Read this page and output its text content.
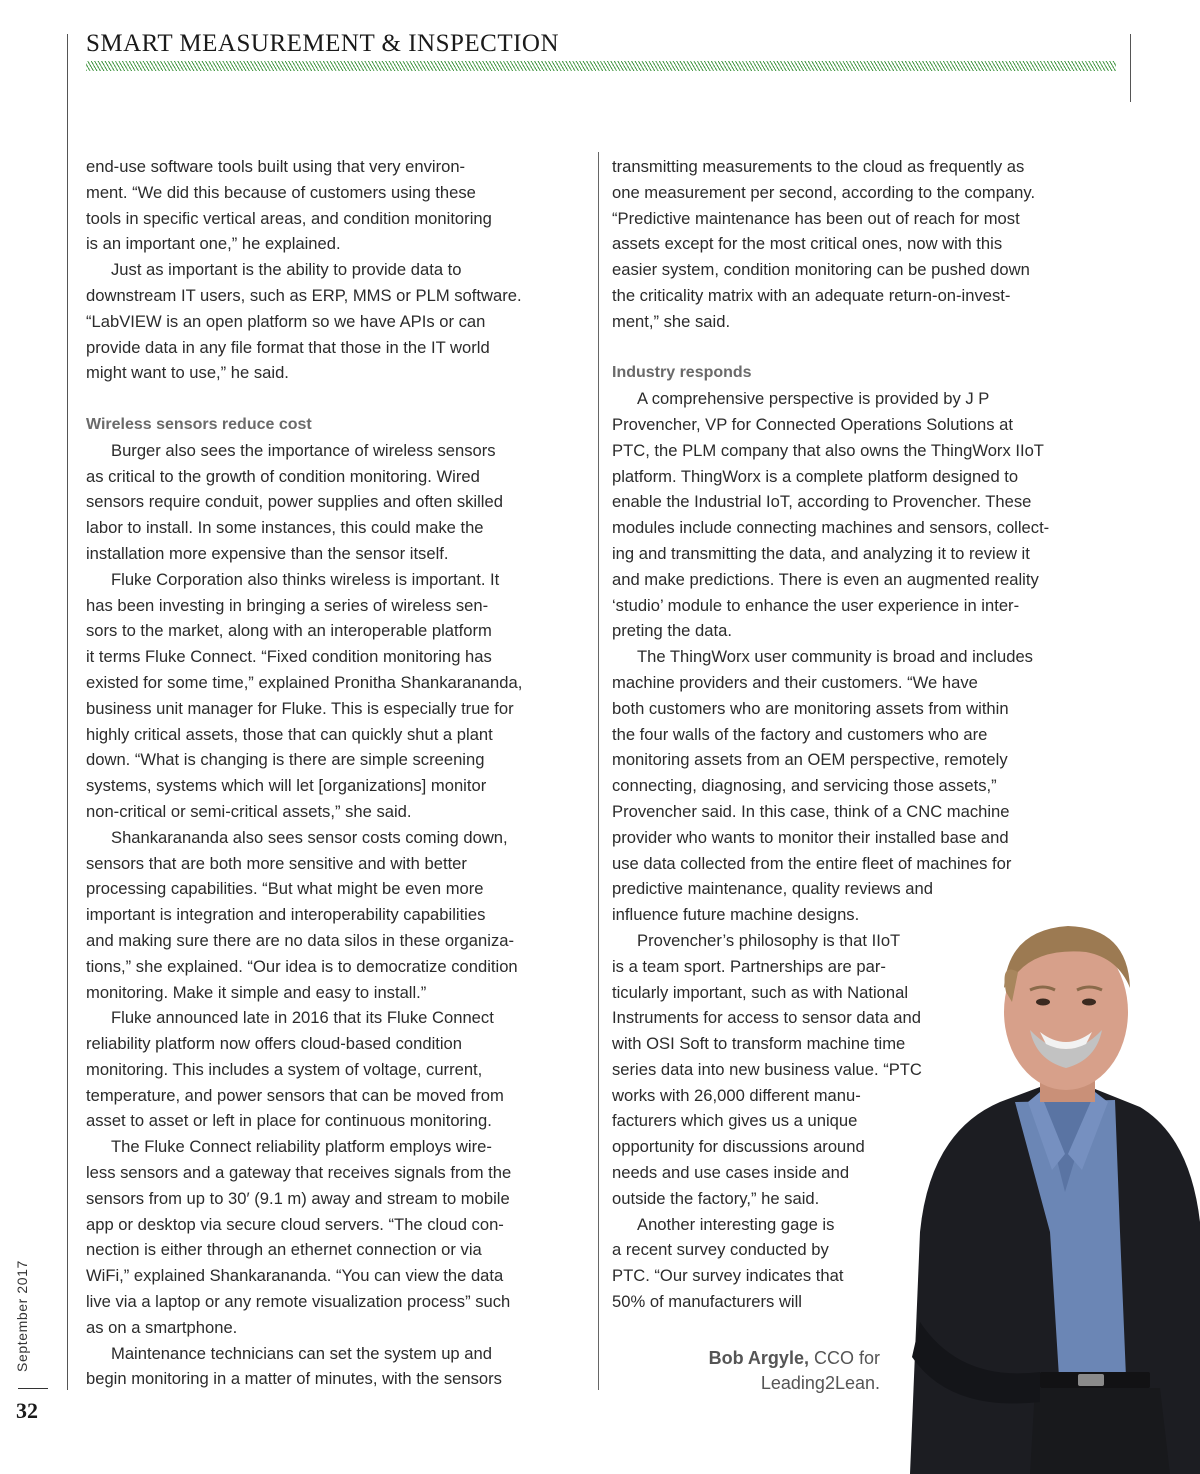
SMART MEASUREMENT & INSPECTION
end-use software tools built using that very environ-
ment. “We did this because of customers using these
tools in specific vertical areas, and condition monitoring
is an important one,” he explained.
Just as important is the ability to provide data to
downstream IT users, such as ERP, MMS or PLM software.
“LabVIEW is an open platform so we have APIs or can
provide data in any file format that those in the IT world
might want to use,” he said.
Wireless sensors reduce cost
Burger also sees the importance of wireless sensors
as critical to the growth of condition monitoring. Wired
sensors require conduit, power supplies and often skilled
labor to install. In some instances, this could make the
installation more expensive than the sensor itself.
Fluke Corporation also thinks wireless is important. It
has been investing in bringing a series of wireless sen-
sors to the market, along with an interoperable platform
it terms Fluke Connect. “Fixed condition monitoring has
existed for some time,” explained Pronitha Shankarananda,
business unit manager for Fluke. This is especially true for
highly critical assets, those that can quickly shut a plant
down. “What is changing is there are simple screening
systems, systems which will let [organizations] monitor
non-critical or semi-critical assets,” she said.
Shankarananda also sees sensor costs coming down,
sensors that are both more sensitive and with better
processing capabilities. “But what might be even more
important is integration and interoperability capabilities
and making sure there are no data silos in these organiza-
tions,” she explained. “Our idea is to democratize condition
monitoring. Make it simple and easy to install.”
Fluke announced late in 2016 that its Fluke Connect
reliability platform now offers cloud-based condition
monitoring. This includes a system of voltage, current,
temperature, and power sensors that can be moved from
asset to asset or left in place for continuous monitoring.
The Fluke Connect reliability platform employs wire-
less sensors and a gateway that receives signals from the
sensors from up to 30′ (9.1 m) away and stream to mobile
app or desktop via secure cloud servers. “The cloud con-
nection is either through an ethernet connection or via
WiFi,” explained Shankarananda. “You can view the data
live via a laptop or any remote visualization process” such
as on a smartphone.
Maintenance technicians can set the system up and
begin monitoring in a matter of minutes, with the sensors
transmitting measurements to the cloud as frequently as
one measurement per second, according to the company.
“Predictive maintenance has been out of reach for most
assets except for the most critical ones, now with this
easier system, condition monitoring can be pushed down
the criticality matrix with an adequate return-on-invest-
ment,” she said.
Industry responds
A comprehensive perspective is provided by J P
Provencher, VP for Connected Operations Solutions at
PTC, the PLM company that also owns the ThingWorx IIoT
platform. ThingWorx is a complete platform designed to
enable the Industrial IoT, according to Provencher. These
modules include connecting machines and sensors, collect-
ing and transmitting the data, and analyzing it to review it
and make predictions. There is even an augmented reality
‘studio’ module to enhance the user experience in inter-
preting the data.
The ThingWorx user community is broad and includes
machine providers and their customers. “We have
both customers who are monitoring assets from within
the four walls of the factory and customers who are
monitoring assets from an OEM perspective, remotely
connecting, diagnosing, and servicing those assets,”
Provencher said. In this case, think of a CNC machine
provider who wants to monitor their installed base and
use data collected from the entire fleet of machines for
predictive maintenance, quality reviews and
influence future machine designs.
Provencher’s philosophy is that IIoT
is a team sport. Partnerships are par-
ticularly important, such as with National
Instruments for access to sensor data and
with OSI Soft to transform machine time
series data into new business value. “PTC
works with 26,000 different manu-
facturers which gives us a unique
opportunity for discussions around
needs and use cases inside and
outside the factory,” he said.
Another interesting gage is
a recent survey conducted by
PTC. “Our survey indicates that
50% of manufacturers will
Bob Argyle, CCO for
Leading2Lean.
September 2017
32
